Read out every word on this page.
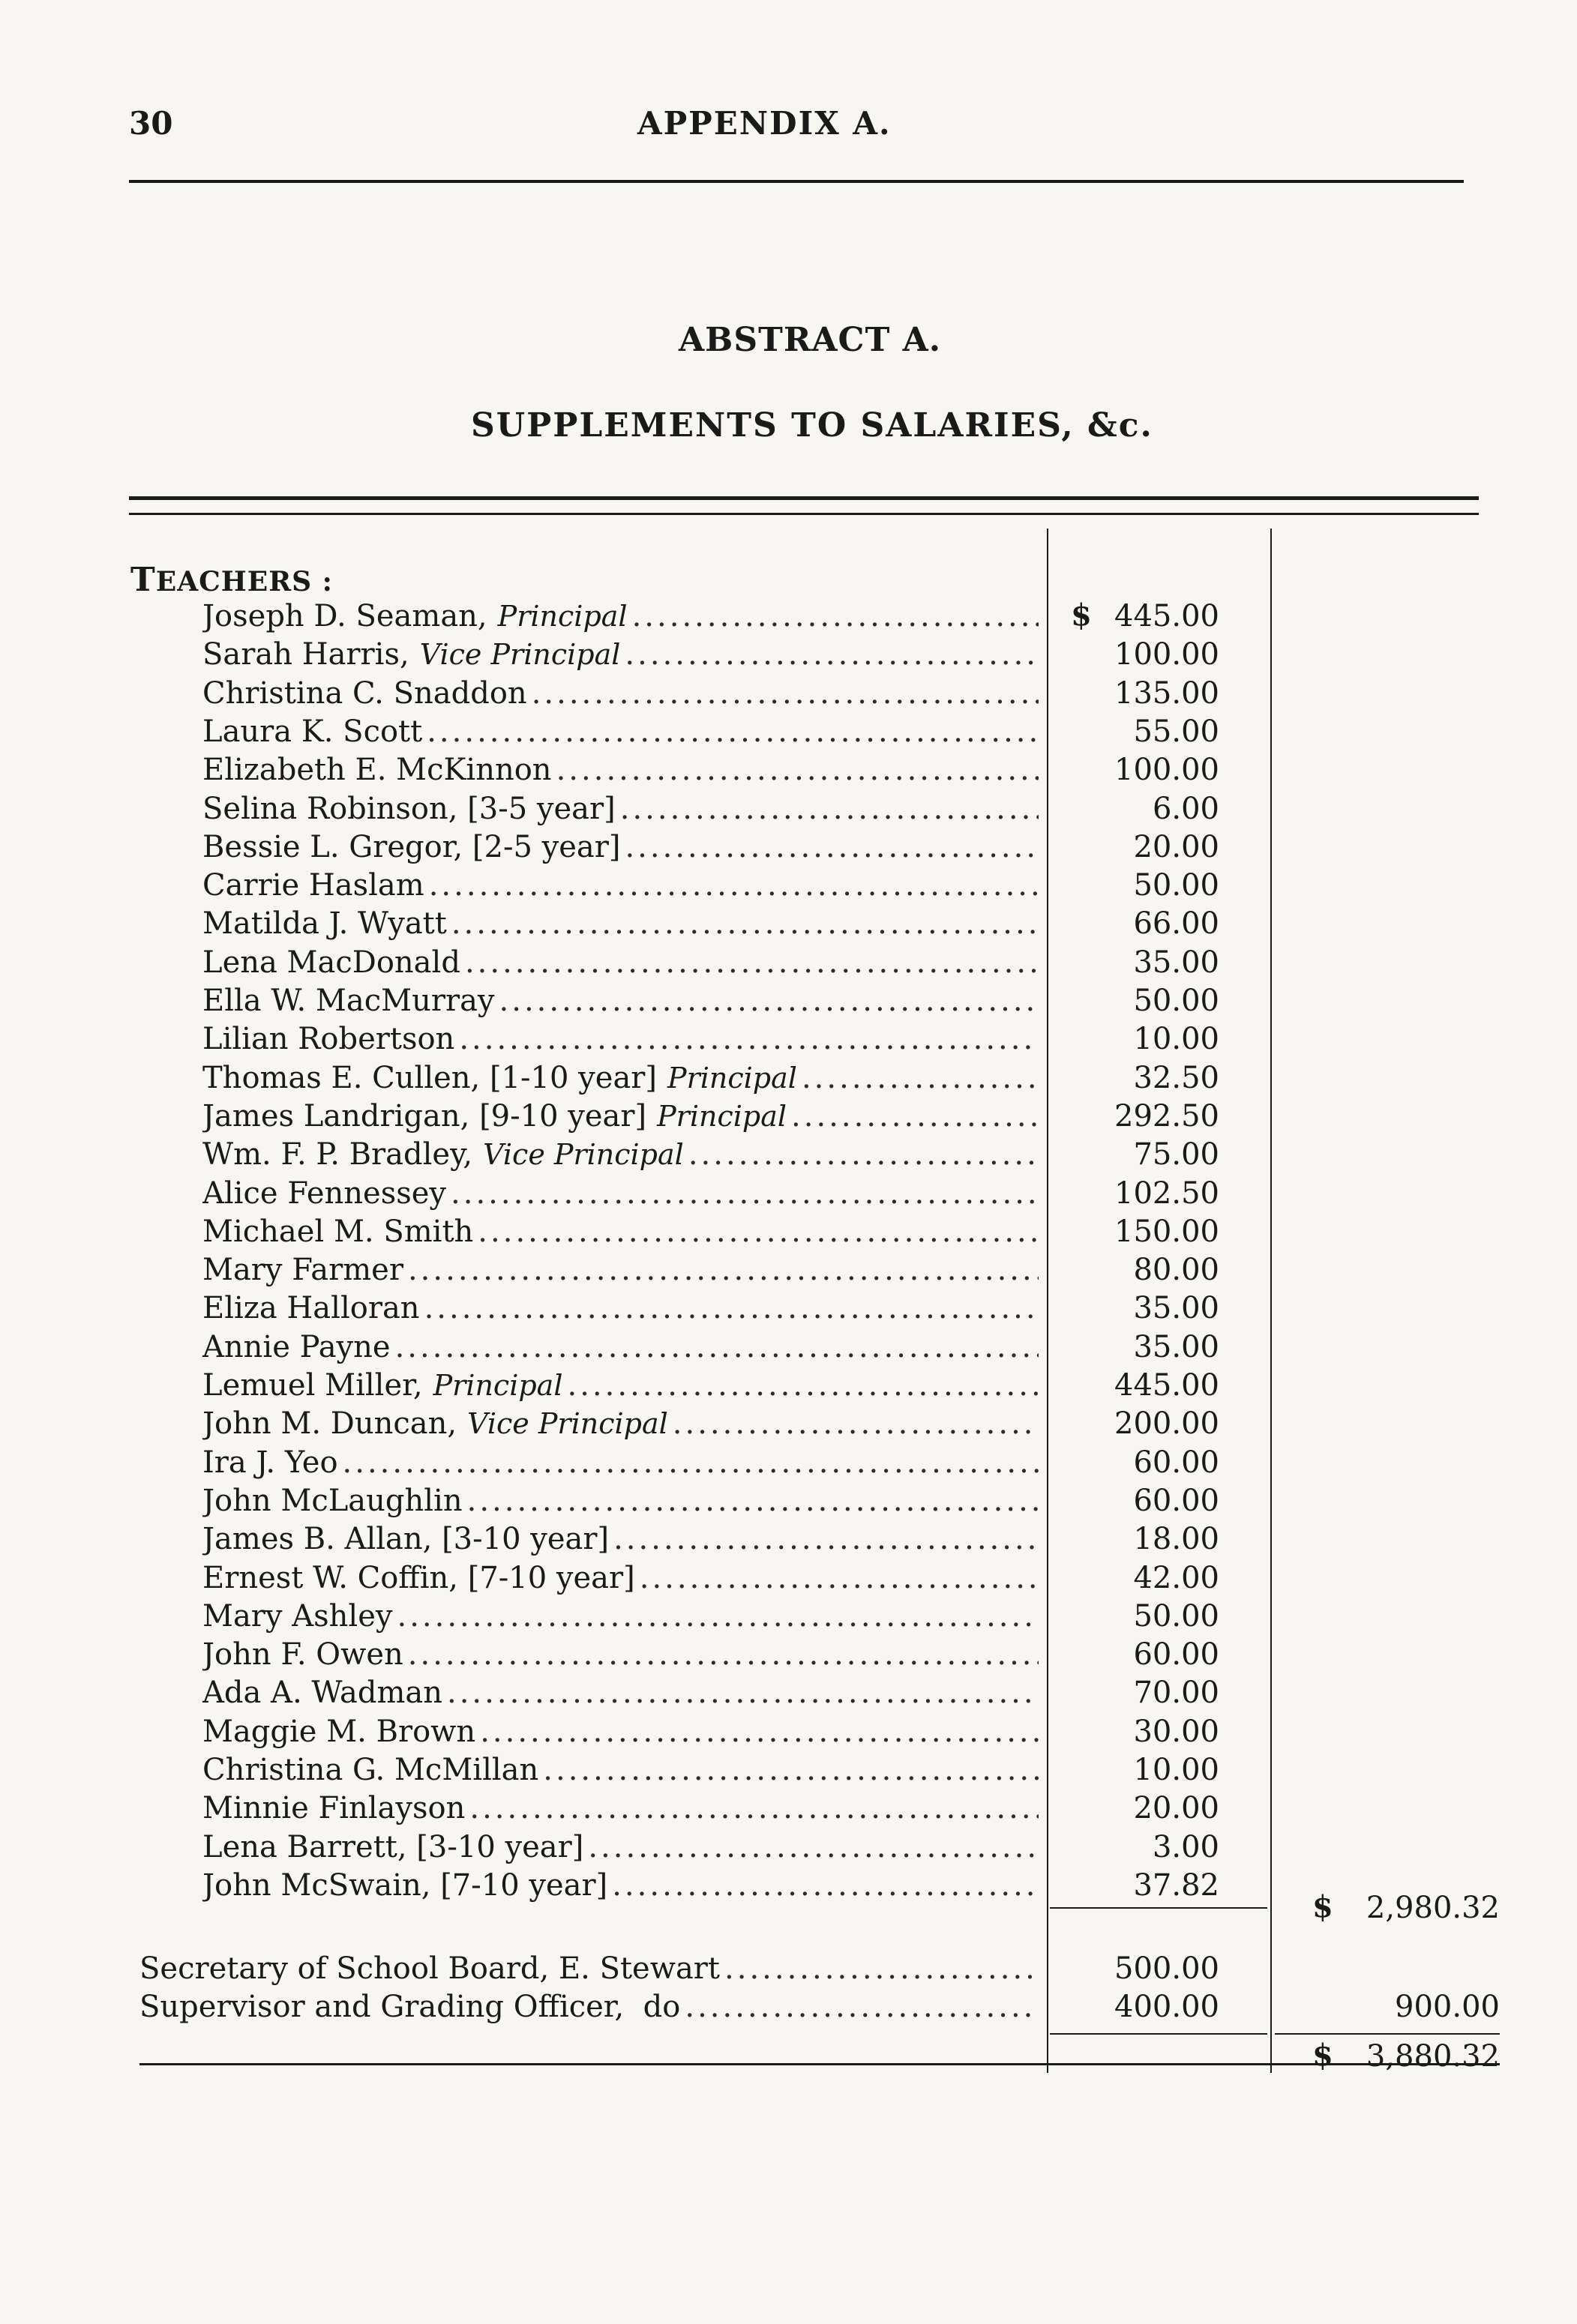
30	APPENDIX A.
ABSTRACT A.
SUPPLEMENTS TO SALARIES, &c.
TEACHERS :
$
Joseph D. Seaman, Principal .....	445.00
Sarah Harris, Vice Principal .....	100.00
Christina C. Snaddon .....	135.00
Laura K. Scott .....	55.00
Elizabeth E. McKinnon .....	100.00
Selina Robinson, [3-5 year] .....	6.00
Bessie L. Gregor, [2-5 year] .....	20.00
Carrie Haslam .....	50.00
Matilda J. Wyatt .....	66.00
Lena MacDonald .....	35.00
Ella W. MacMurray .....	50.00
Lilian Robertson .....	10.00
Thomas E. Cullen, [1-10 year] Principal .....	32.50
James Landrigan, [9-10 year] Principal .....	292.50
Wm. F. P. Bradley, Vice Principal .....	75.00
Alice Fennessey .....	102.50
Michael M. Smith .....	150.00
Mary Farmer .....	80.00
Eliza Halloran .....	35.00
Annie Payne .....	35.00
Lemuel Miller, Principal .....	445.00
John M. Duncan, Vice Principal .....	200.00
Ira J. Yeo .....	60.00
John McLaughlin .....	60.00
James B. Allan, [3-10 year] .....	18.00
Ernest W. Coffin, [7-10 year] .....	42.00
Mary Ashley .....	50.00
John F. Owen .....	60.00
Ada A. Wadman .....	70.00
Maggie M. Brown .....	30.00
Christina G. McMillan .....	10.00
Minnie Finlayson .....	20.00
Lena Barrett, [3-10 year] .....	3.00
John McSwain, [7-10 year] .....	37.82
$	2,980.32
Secretary of School Board, E. Stewart .....	500.00
Supervisor and Grading Officer,  do .....	400.00	900.00
$	3,880.32
